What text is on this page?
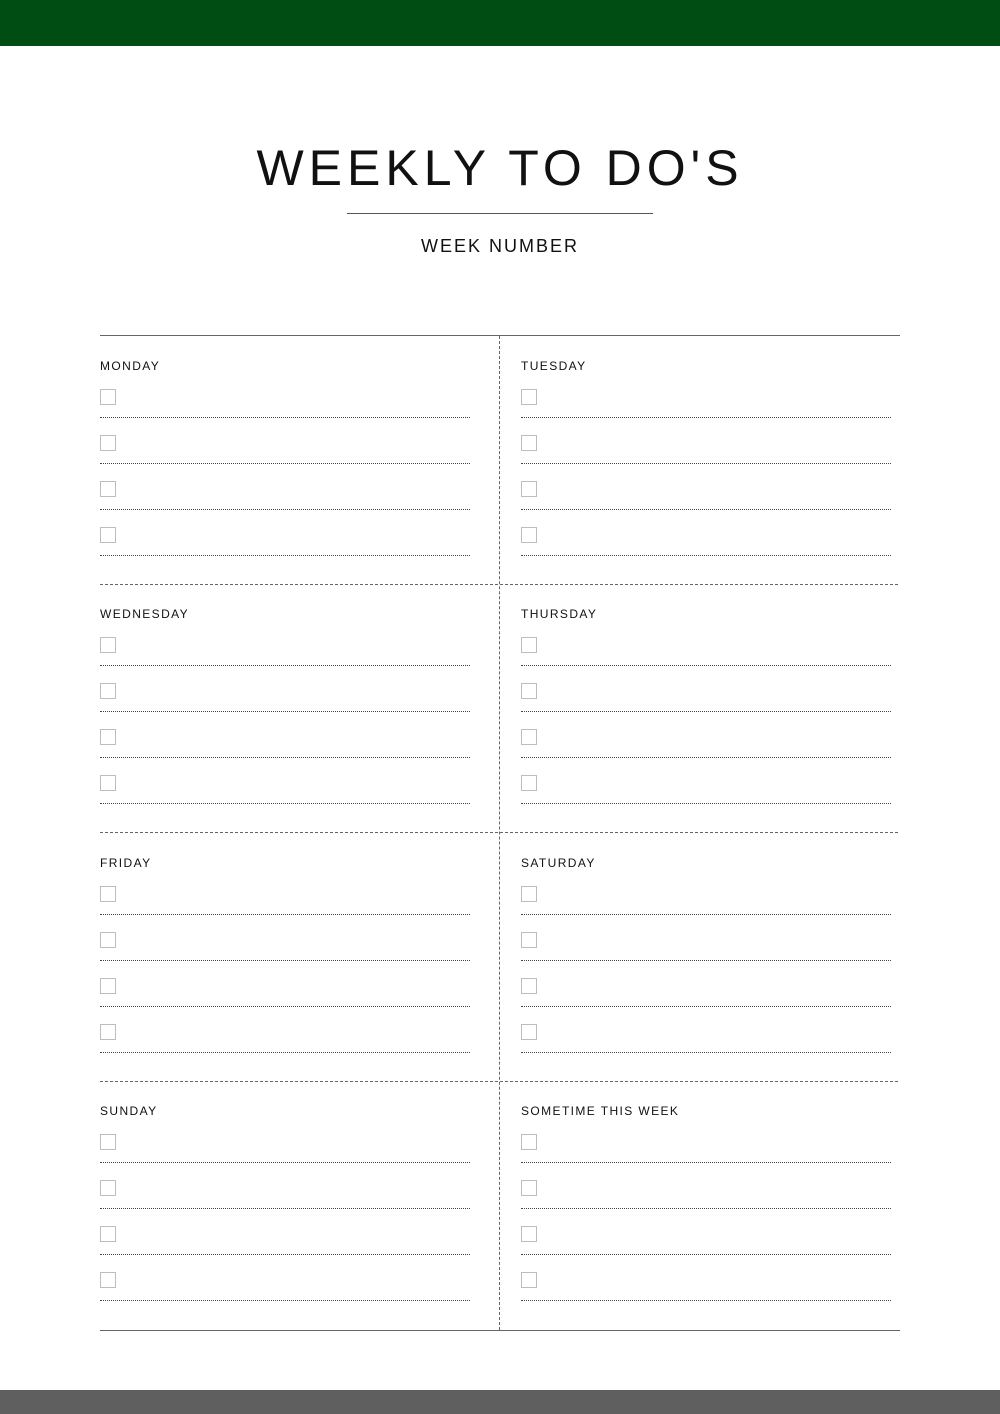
WEEKLY TO DO'S
WEEK NUMBER
MONDAY	TUESDAY
WEDNESDAY	THURSDAY
FRIDAY	SATURDAY
SUNDAY	SOMETIME THIS WEEK
